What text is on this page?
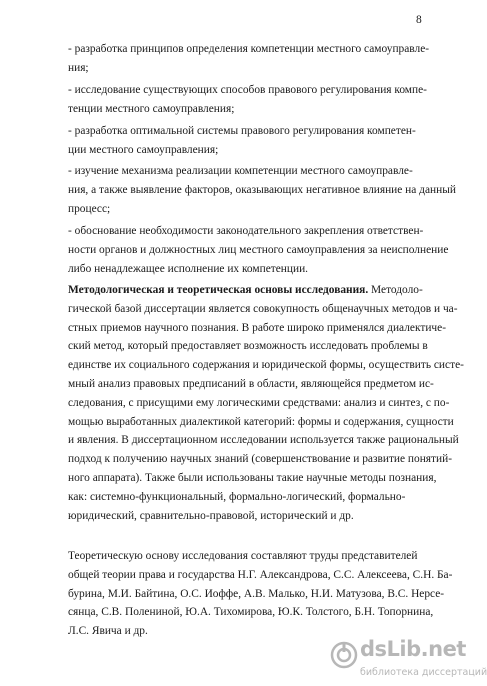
8
- разработка принципов определения компетенции местного самоуправле-
ния;
- исследование существующих способов правового регулирования компе-
тенции местного самоуправления;
- разработка оптимальной системы правового регулирования компетен-
ции местного самоуправления;
- изучение механизма реализации компетенции местного самоуправле-
ния, а также выявление факторов, оказывающих негативное влияние на данный
процесс;
- обоснование необходимости законодательного закрепления ответствен-
ности органов и должностных лиц местного самоуправления за неисполнение
либо ненадлежащее исполнение их компетенции.
Методологическая и теоретическая основы исследования. Методоло-
гической базой диссертации является совокупность общенаучных методов и ча-
стных приемов научного познания. В работе широко применялся диалектиче-
ский метод, который предоставляет возможность исследовать проблемы в
единстве их социального содержания и юридической формы, осуществить систе-
мный анализ правовых предписаний в области, являющейся предметом ис-
следования, с присущими ему логическими средствами: анализ и синтез, с по-
мощью выработанных диалектикой категорий: формы и содержания, сущности
и явления. В диссертационном исследовании используется также рациональный
подход к получению научных знаний (совершенствование и развитие понятий-
ного аппарата). Также были использованы такие научные методы познания,
как: системно-функциональный, формально-логический, формально-
юридический, сравнительно-правовой, исторический и др.
Теоретическую основу исследования составляют труды представителей
общей теории права и государства Н.Г. Александрова, С.С. Алексеева, С.Н. Ба-
бурина, М.И. Байтина, О.С. Иоффе, А.В. Малько, Н.И. Матузова, В.С. Нерсе-
сянца, С.В. Полениной, Ю.А. Тихомирова, Ю.К. Толстого, Б.Н. Топорнина,
Л.С. Явича и др.
dsLib.net
библиотека диссертаций
